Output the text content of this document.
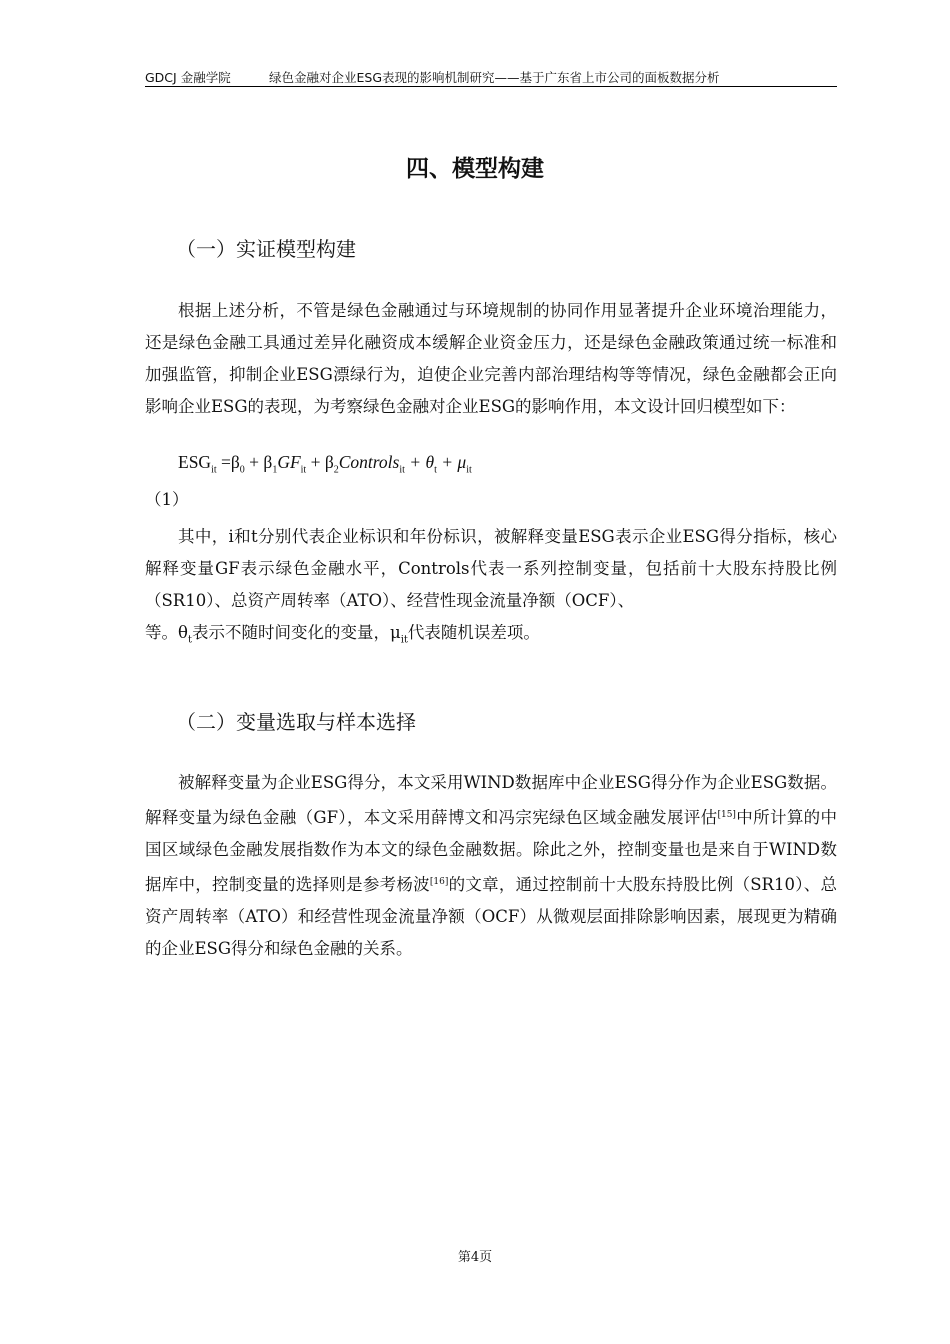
GDCJ 金融学院	绿色金融对企业ESG表现的影响机制研究——基于广东省上市公司的面板数据分析
四、模型构建
（一）实证模型构建

根据上述分析，不管是绿色金融通过与环境规制的协同作用显著提升企业环境治理能力，还是绿色金融工具通过差异化融资成本缓解企业资金压力，还是绿色金融政策通过统一标准和加强监管，抑制企业ESG漂绿行为，迫使企业完善内部治理结构等等情况，绿色金融都会正向影响企业ESG的表现，为考察绿色金融对企业ESG的影响作用，本文设计回归模型如下：

$ESG_{it} =\beta_0 + \beta_1GF_{it}$ + $\beta_2Controls_{it} + \theta_t + \mu_{it}$
（1）
其中，i和t分别代表企业标识和年份标识，被解释变量ESG表示企业ESG得分指标，核心解释变量GF表示绿色金融水平，Controls代表一系列控制变量，包括前十大股东持股比例（SR10）、总资产周转率（ATO）、经营性现金流量净额（OCF）、
等。$\theta_t$表示不随时间变化的变量，$\mu_{it}$代表随机误差项。
（二）变量选取与样本选择

被解释变量为企业ESG得分，本文采用WIND数据库中企业ESG得分作为企业ESG数据。解释变量为绿色金融（GF），本文采用薛博文和冯宗宪绿色区域金融发展评估[15]中所计算的中国区域绿色金融发展指数作为本文的绿色金融数据。除此之外，控制变量也是来自于WIND数据库中，控制变量的选择则是参考杨波[16]的文章，通过控制前十大股东持股比例（SR10）、总资产周转率（ATO）和经营性现金流量净额（OCF）从微观层面排除影响因素，展现更为精确的企业ESG得分和绿色金融的关系。

第4页
